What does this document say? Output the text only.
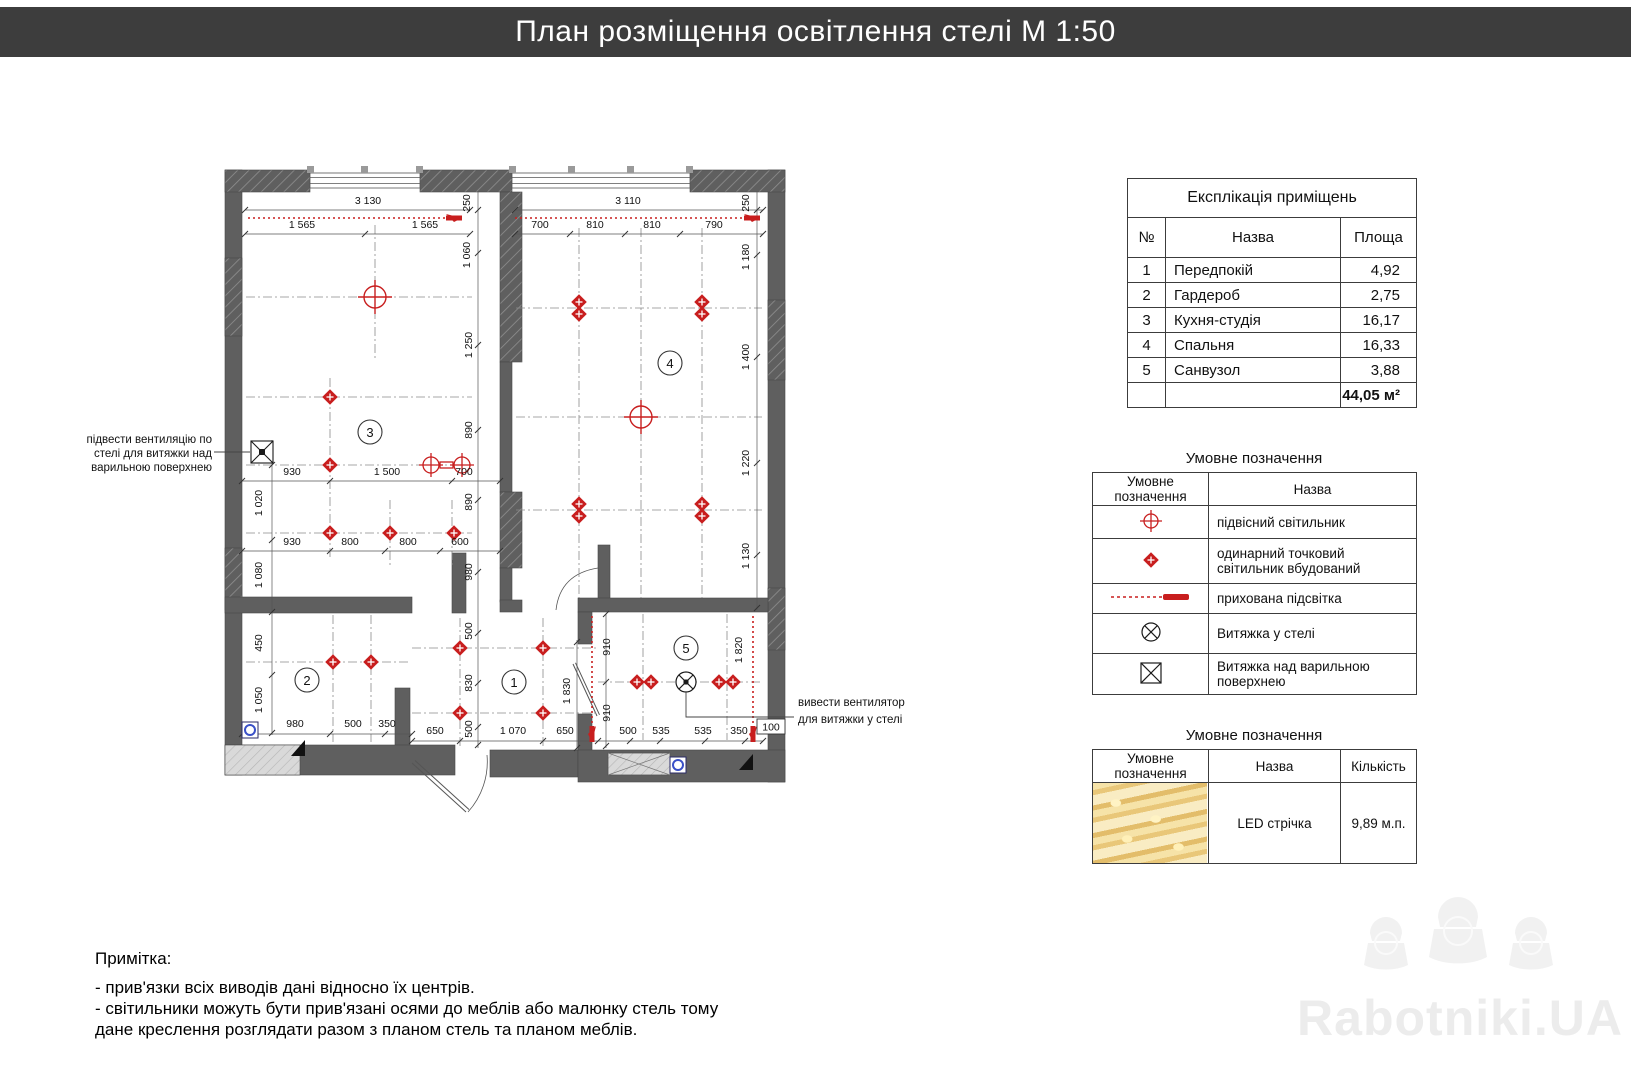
1
2
3
4
5
3 130
1 565	1 565
250
1 060
1 250
890
890
980
500
830
500
1 020
1 080
450
1 050
930	1 500	700
930	800	800	600
3 110
700	810	810	790
250
1 180
1 400
1 220
1 130
910
910
1 820
1 830
980	500 350
650	1 070	650	500 535 535 350 100
підвести вентиляцію по
стелі для витяжки над
варильною поверхнею
вивести вентилятор
для витяжки у стелі
План розміщення освітлення стелі М 1:50
Експлікація приміщень		
№	Назва	Площа
1	Передпокій	4,92
2	Гардероб	2,75
3	Кухня-студія	16,17
4	Спальня	16,33
5	Санвузол	3,88
		44,05 м²
Умовне позначення
Умовне позначення	Назва
	підвісний світильник
	одинарний точковий світильник вбудований
	прихована підсвітка
	Витяжка у стелі
	Витяжка над варильною поверхнею
Умовне позначення
Умовне позначення	Назва	Кількість

	LED стрічка	9,89 м.п.
Примітка:
- прив'язки всіх виводів дані відносно їх центрів.
- світильники можуть бути прив'язані осями до меблів або малюнку стель тому
дане креслення розглядати разом з планом стель та планом меблів.	Rabotniki.UA
